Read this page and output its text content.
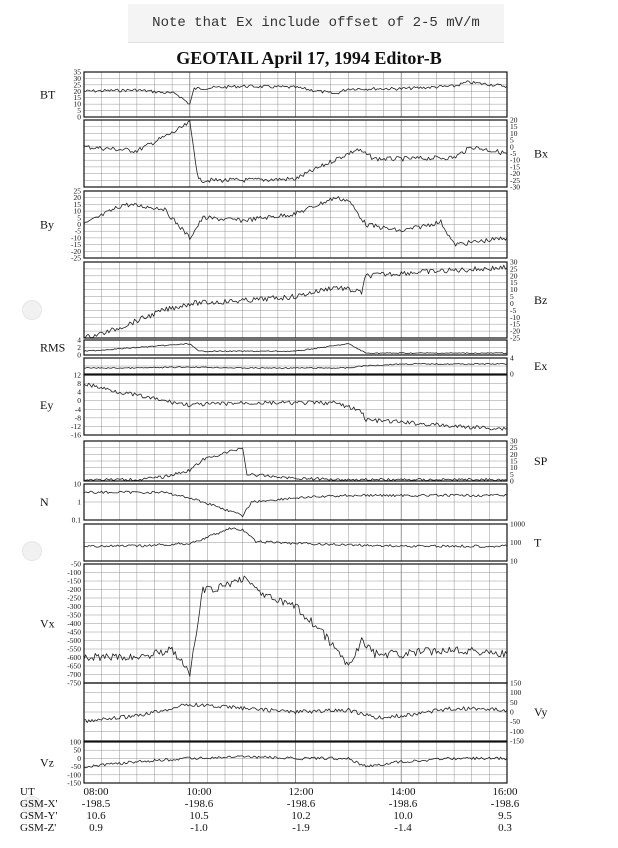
Note that Ex include offset of 2-5 mV/m
GEOTAIL April 17, 1994 Editor-B
35
30
25
20
15
10
5
0
BT
20
15
10
5
0
-5
-10
-15
-20
-25
-30
Bx
25
20
15
10
5
0
-5
-10
-15
-20
-25
By
30
25
20
15
10
5
0
-5
-10
-15
-20
-25
Bz
4
2
0
RMS
4
0
Ex
12
8
4
0
-4
-8
-12
-16
Ey
30
25
20
15
10
5
0
SP
10
1
0.1
N
1000
100
10
T
-50
-100
-150
-200
-250
-300
-350
-400
-450
-500
-550
-600
-650
-700
-750
Vx
150
100
50
0
-50
-100
-150
Vy
100
50
0
-50
-100
-150
Vz
UT	08:00	10:00	12:00	14:00	16:00
GSM-X'	-198.5	-198.6	-198.6	-198.6	-198.6
GSM-Y'	10.6	10.5	10.2	10.0	9.5
GSM-Z'	0.9	-1.0	-1.9	-1.4	0.3
